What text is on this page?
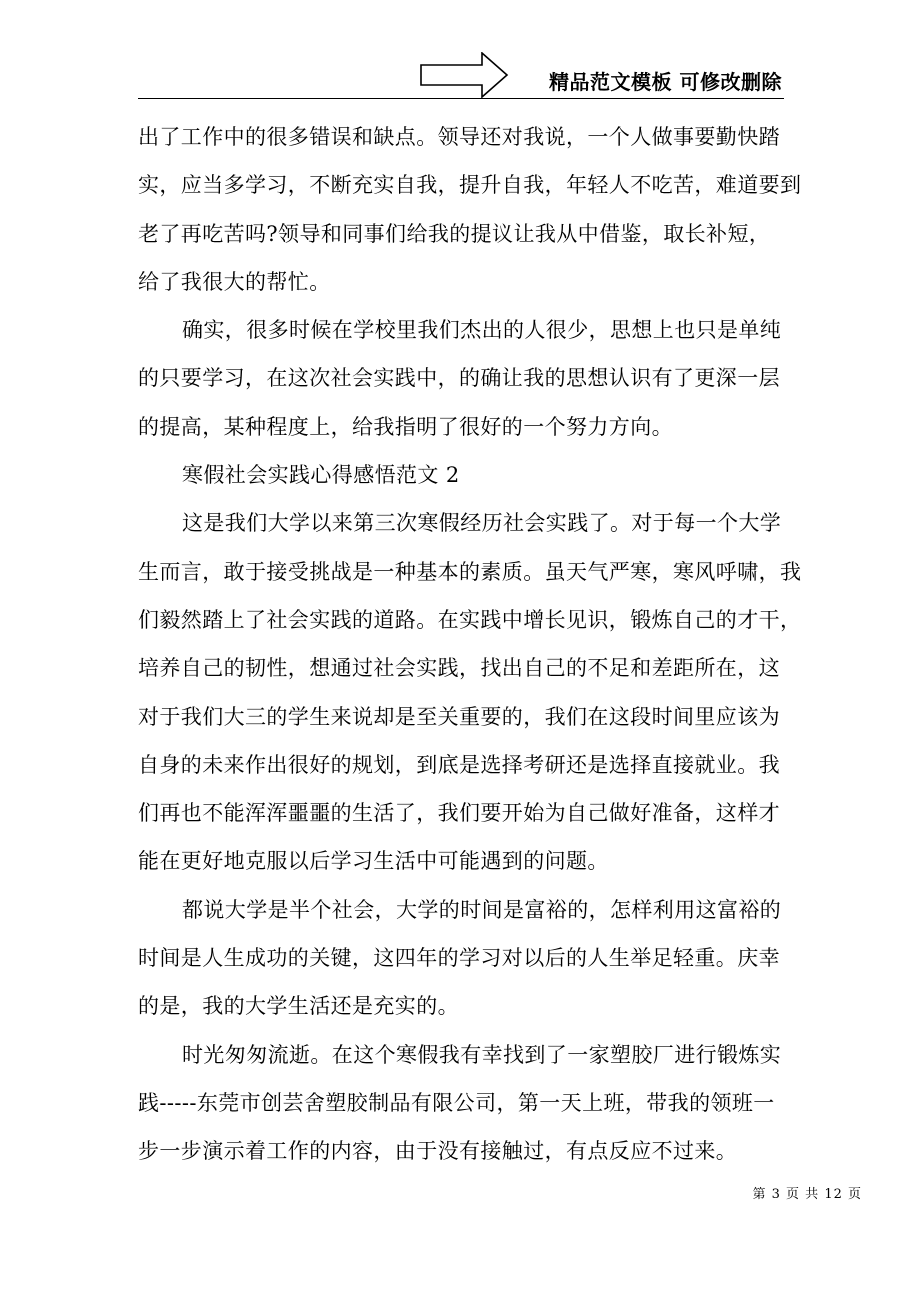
精品范文模板 可修改删除
出了工作中的很多错误和缺点。领导还对我说，一个人做事要勤快踏
实，应当多学习，不断充实自我，提升自我，年轻人不吃苦，难道要到
老了再吃苦吗?领导和同事们给我的提议让我从中借鉴，取长补短，
给了我很大的帮忙。
确实，很多时候在学校里我们杰出的人很少，思想上也只是单纯
的只要学习，在这次社会实践中，的确让我的思想认识有了更深一层
的提高，某种程度上，给我指明了很好的一个努力方向。
寒假社会实践心得感悟范文 2
这是我们大学以来第三次寒假经历社会实践了。对于每一个大学
生而言，敢于接受挑战是一种基本的素质。虽天气严寒，寒风呼啸，我
们毅然踏上了社会实践的道路。在实践中增长见识，锻炼自己的才干，
培养自己的韧性，想通过社会实践，找出自己的不足和差距所在，这
对于我们大三的学生来说却是至关重要的，我们在这段时间里应该为
自身的未来作出很好的规划，到底是选择考研还是选择直接就业。我
们再也不能浑浑噩噩的生活了，我们要开始为自己做好准备，这样才
能在更好地克服以后学习生活中可能遇到的问题。
都说大学是半个社会，大学的时间是富裕的，怎样利用这富裕的
时间是人生成功的关键，这四年的学习对以后的人生举足轻重。庆幸
的是，我的大学生活还是充实的。
时光匆匆流逝。在这个寒假我有幸找到了一家塑胶厂进行锻炼实
践-----东莞市创芸舍塑胶制品有限公司，第一天上班，带我的领班一
步一步演示着工作的内容，由于没有接触过，有点反应不过来。
第 3 页 共 12 页
